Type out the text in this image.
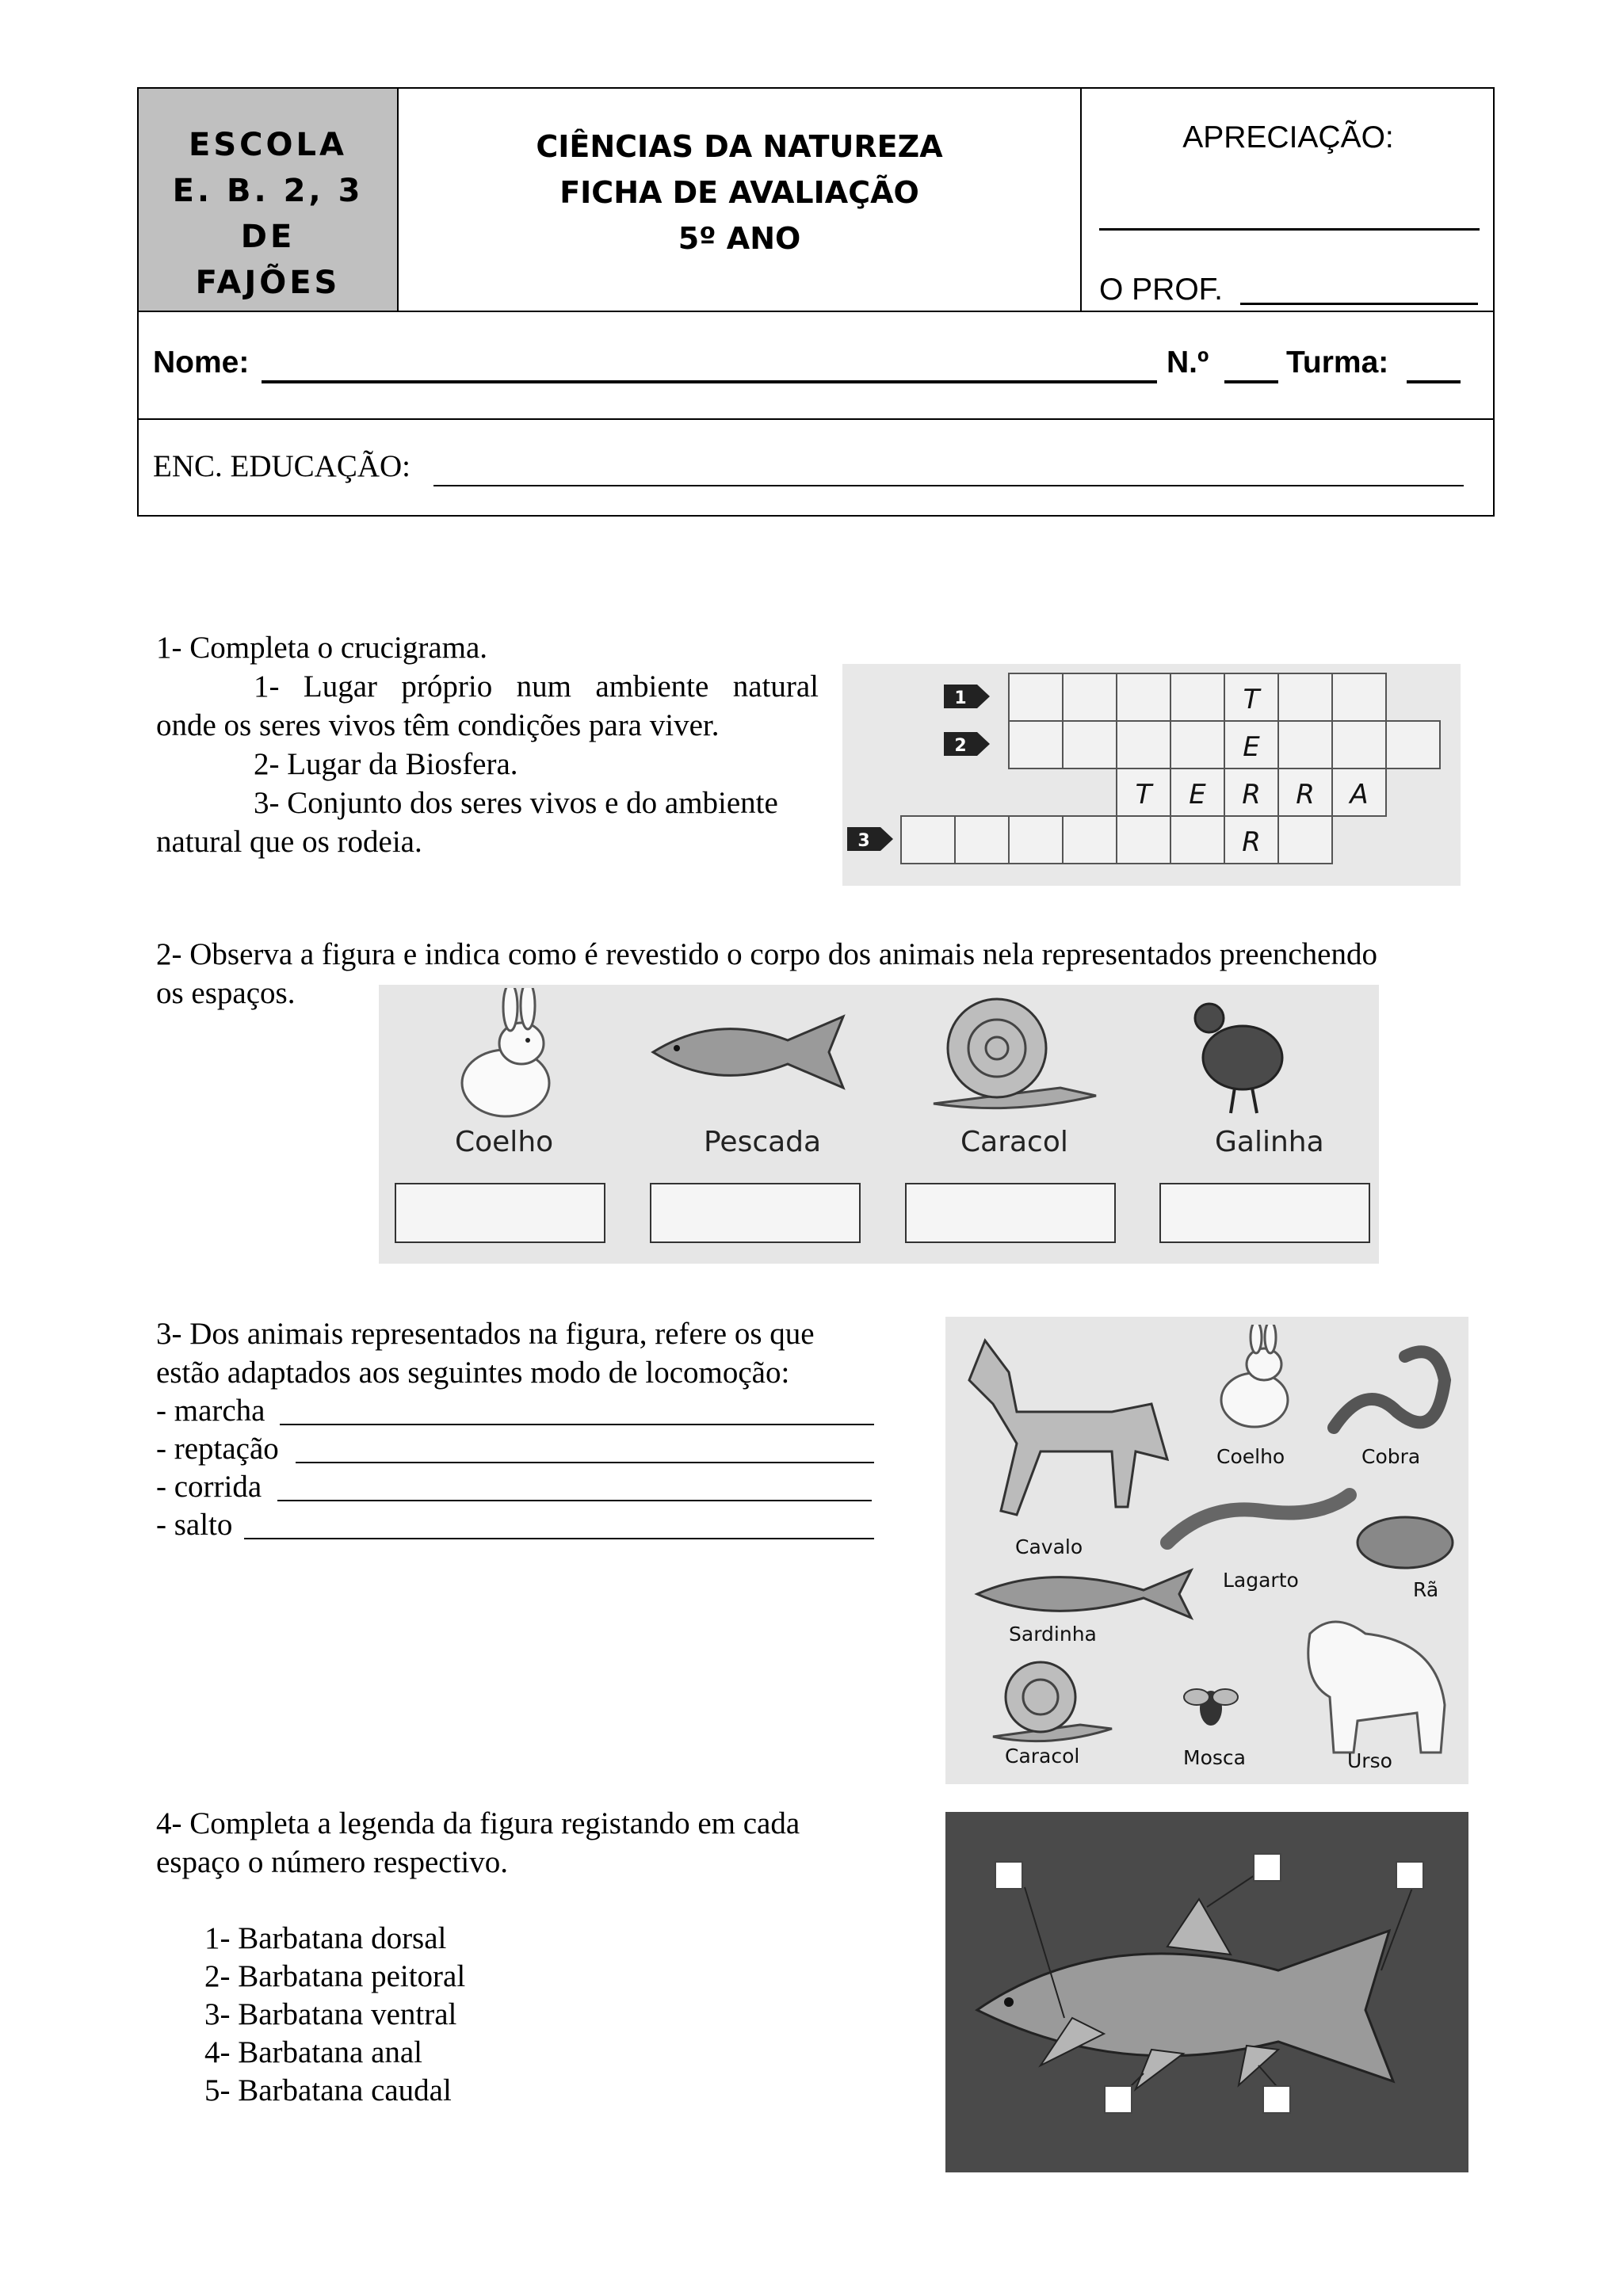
ESCOLA
E. B. 2, 3
DE
FAJÕES
CIÊNCIAS DA NATUREZA
FICHA DE AVALIAÇÃO
5º ANO
APRECIAÇÃO:
O PROF.
Nome:	N.º	Turma:
ENC. EDUCAÇÃO:
1- Completa o crucigrama.
1- Lugar próprio num ambiente natural
onde os seres vivos têm condições para viver.
2- Lugar da Biosfera.
3- Conjunto dos seres vivos e do ambiente
natural que os rodeia.
1
2
3
T
E
T E R R A
R
2- Observa a figura e indica como é revestido o corpo dos animais nela representados preenchendo
os espaços.
Coelho	Pescada	Caracol	Galinha
3- Dos animais representados na figura, refere os que
estão adaptados aos seguintes modo de locomoção:
- marcha
- reptação
- corrida
- salto
Coelho	Cobra
Cavalo
Lagarto	Rã
Sardinha
Caracol	Mosca	Urso
4- Completa a legenda da figura registando em cada
espaço o número respectivo.
1- Barbatana dorsal
2- Barbatana peitoral
3- Barbatana ventral
4- Barbatana anal
5- Barbatana caudal
